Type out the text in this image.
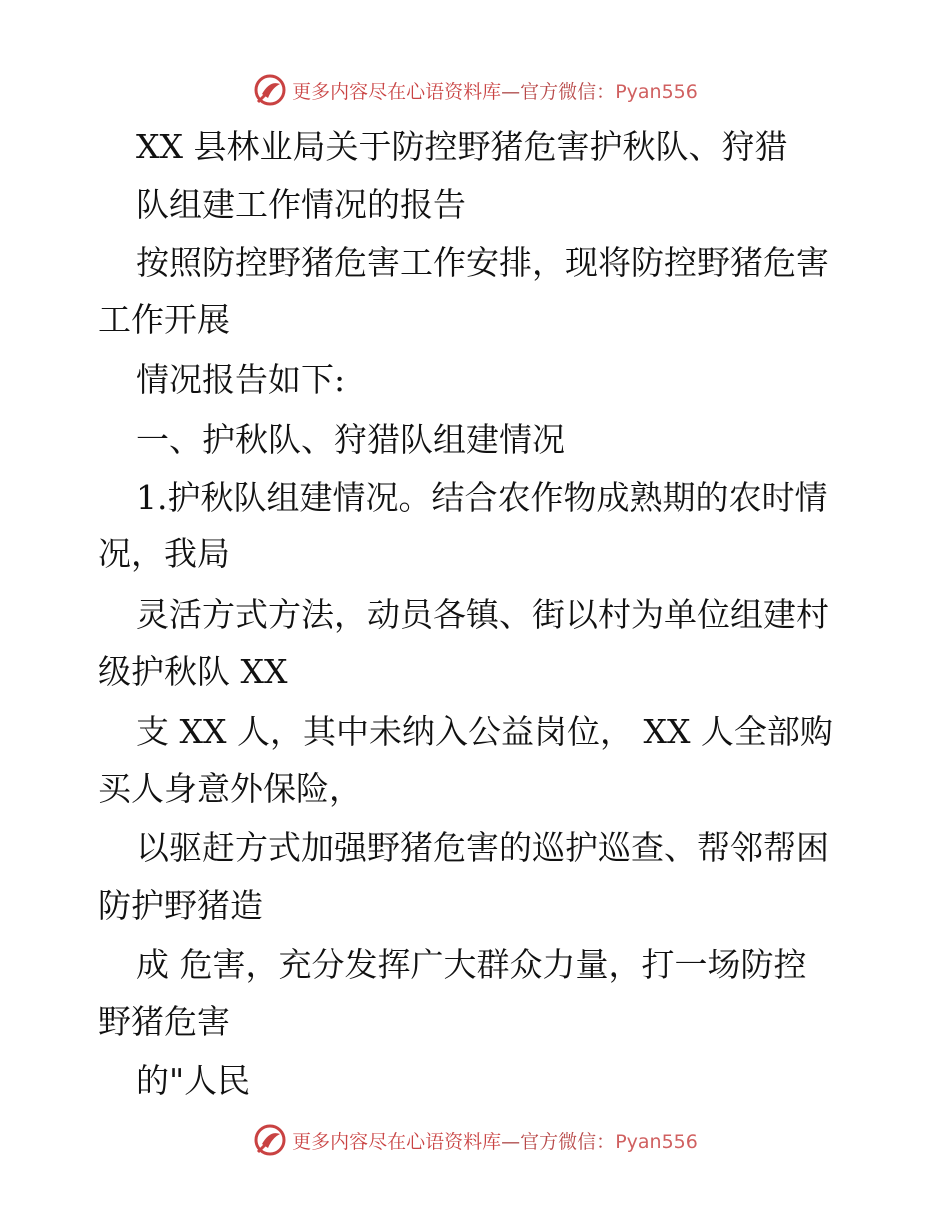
更多内容尽在心语资料库—官方微信：Pyan556
XX 县林业局关于防控野猪危害护秋队、狩猎
队组建工作情况的报告
按照防控野猪危害工作安排，现将防控野猪危害
工作开展
情况报告如下:
一、护秋队、狩猎队组建情况
1.护秋队组建情况。结合农作物成熟期的农时情
况，我局
灵活方式方法，动员各镇、街以村为单位组建村
级护秋队 XX
支 XX 人，其中未纳入公益岗位， XX 人全部购
买人身意外保险，
以驱赶方式加强野猪危害的巡护巡查、帮邻帮困
防护野猪造
成 危害，充分发挥广大群众力量，打一场防控
野猪危害
的"人民
更多内容尽在心语资料库—官方微信：Pyan556
